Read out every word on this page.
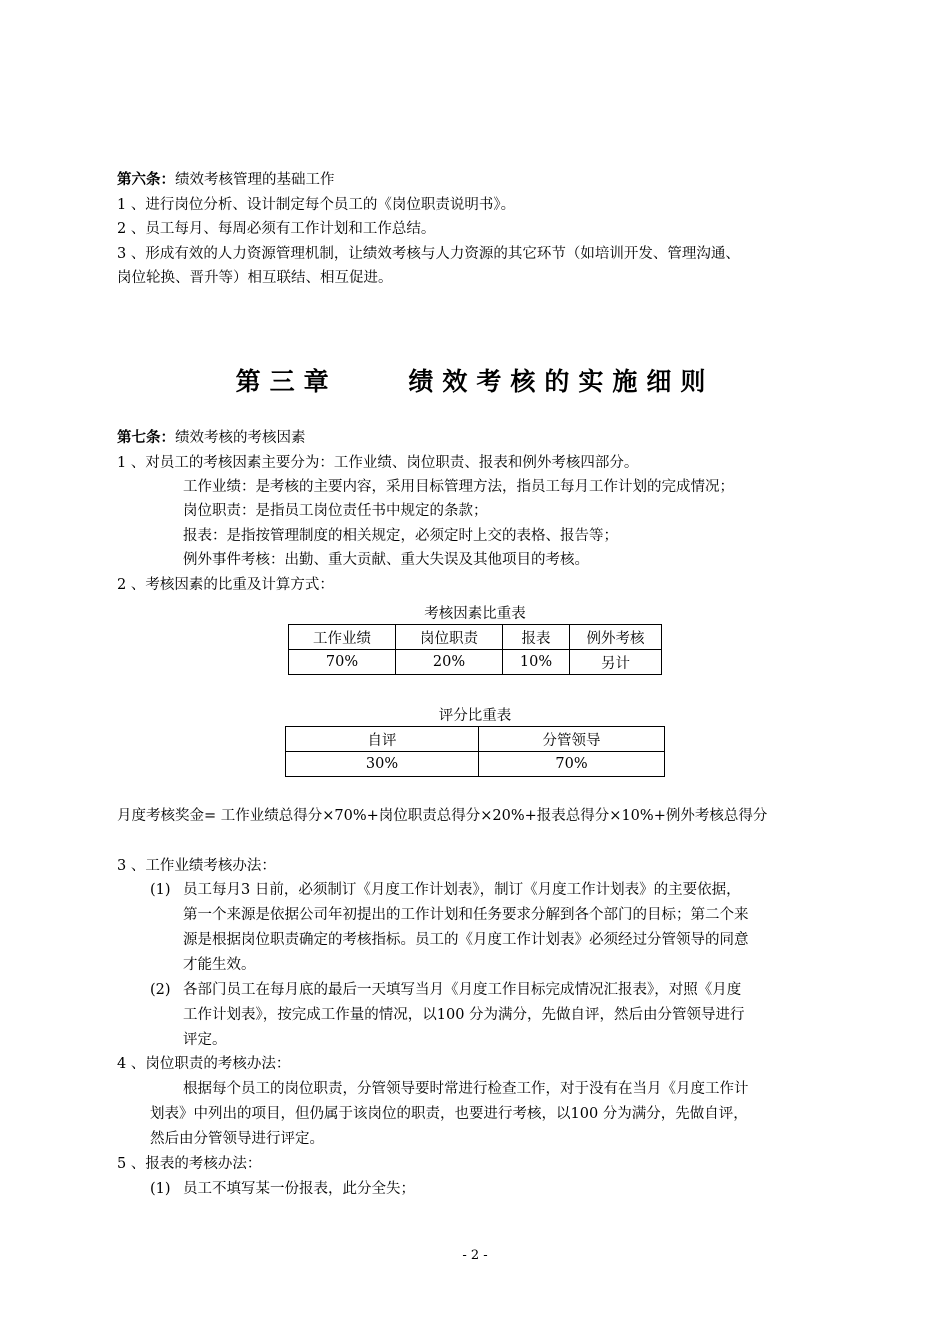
第六条：绩效考核管理的基础工作
1 、进行岗位分析、设计制定每个员工的《岗位职责说明书》。
2 、员工每月、每周必须有工作计划和工作总结。
3 、形成有效的人力资源管理机制，让绩效考核与人力资源的其它环节（如培训开发、管理沟通、
岗位轮换、晋升等）相互联结、相互促进。
第三章    绩效考核的实施细则
第七条：绩效考核的考核因素
1 、对员工的考核因素主要分为：工作业绩、岗位职责、报表和例外考核四部分。
工作业绩：是考核的主要内容，采用目标管理方法，指员工每月工作计划的完成情况；
岗位职责：是指员工岗位责任书中规定的条款；
报表：是指按管理制度的相关规定，必须定时上交的表格、报告等；
例外事件考核：出勤、重大贡献、重大失误及其他项目的考核。
2 、考核因素的比重及计算方式：
考核因素比重表
工作业绩	岗位职责	报表	例外考核
70%	20%	10%	另计
评分比重表
自评	分管领导
30%	70%
月度考核奖金= 工作业绩总得分×70%+岗位职责总得分×20%+报表总得分×10%+例外考核总得分
3 、工作业绩考核办法：
(1) 员工每月3 日前，必须制订《月度工作计划表》，制订《月度工作计划表》的主要依据，
第一个来源是依据公司年初提出的工作计划和任务要求分解到各个部门的目标；第二个来
源是根据岗位职责确定的考核指标。员工的《月度工作计划表》必须经过分管领导的同意
才能生效。
(2) 各部门员工在每月底的最后一天填写当月《月度工作目标完成情况汇报表》，对照《月度
工作计划表》，按完成工作量的情况，以100 分为满分，先做自评，然后由分管领导进行
评定。
4 、岗位职责的考核办法：
根据每个员工的岗位职责，分管领导要时常进行检查工作，对于没有在当月《月度工作计
划表》中列出的项目，但仍属于该岗位的职责，也要进行考核，以100 分为满分，先做自评，
然后由分管领导进行评定。
5 、报表的考核办法：
(1) 员工不填写某一份报表，此分全失；
- 2 -
